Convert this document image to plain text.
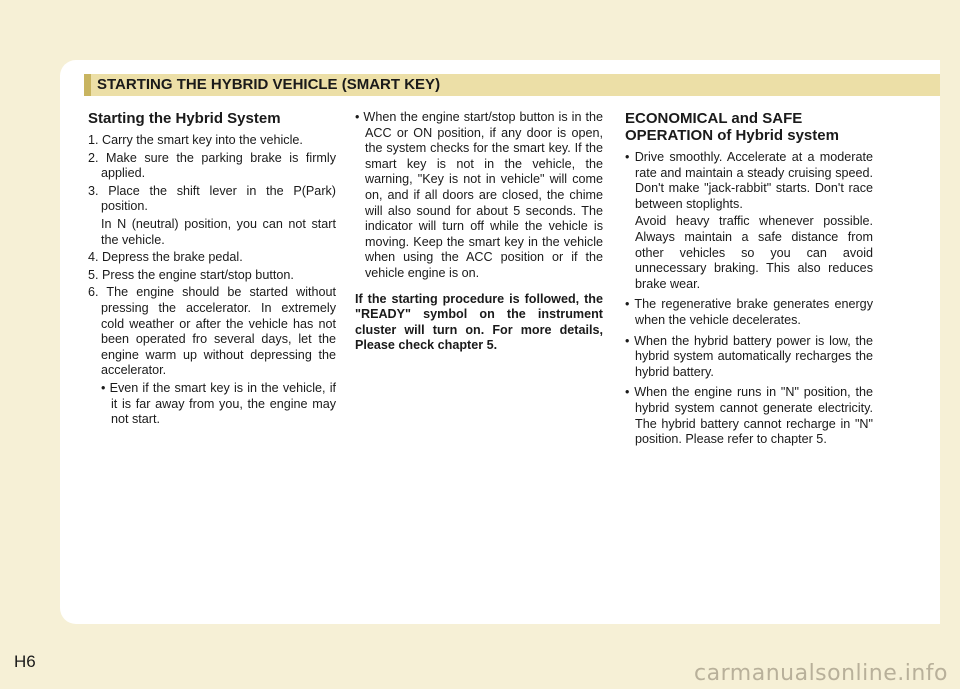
STARTING THE HYBRID VEHICLE (SMART KEY)
Starting the Hybrid System

1. Carry the smart key into the vehicle.

2. Make sure the parking brake is firmly applied.

3. Place the shift lever in the P(Park) position.

In N (neutral) position, you can not start the vehicle.

4. Depress the brake pedal.

5. Press the engine start/stop button.

6. The engine should be started without pressing the accelerator. In extremely cold weather or after the vehicle has not been operated fro several days, let the engine warm up without depressing the accelerator.

• Even if the smart key is in the vehicle, if it is far away from you, the engine may not start.

• When the engine start/stop button is in the ACC or ON position, if any door is open, the system checks for the smart key. If the smart key is not in the vehicle, the warning, "Key is not in vehicle" will come on, and if all doors are closed, the chime will also sound for about 5 seconds. The indicator will turn off while the vehicle is moving. Keep the smart key in the vehicle when using the ACC position or if the vehicle engine is on.

If the starting procedure is followed, the "READY" symbol on the instrument cluster will turn on. For more details, Please check chapter 5.

ECONOMICAL and SAFE OPERATION of Hybrid system

• Drive smoothly. Accelerate at a moderate rate and maintain a steady cruising speed. Don't make "jack-rabbit" starts. Don't race between stoplights.

Avoid heavy traffic whenever possible. Always maintain a safe distance from other vehicles so you can avoid unnecessary braking. This also reduces brake wear.

• The regenerative brake generates energy when the vehicle decelerates.

• When the hybrid battery power is low, the hybrid system automatically recharges the hybrid battery.

• When the engine runs in "N" position, the hybrid system cannot generate electricity. The hybrid battery cannot recharge in "N" position. Please refer to chapter 5.

H6	carmanualsonline.info
